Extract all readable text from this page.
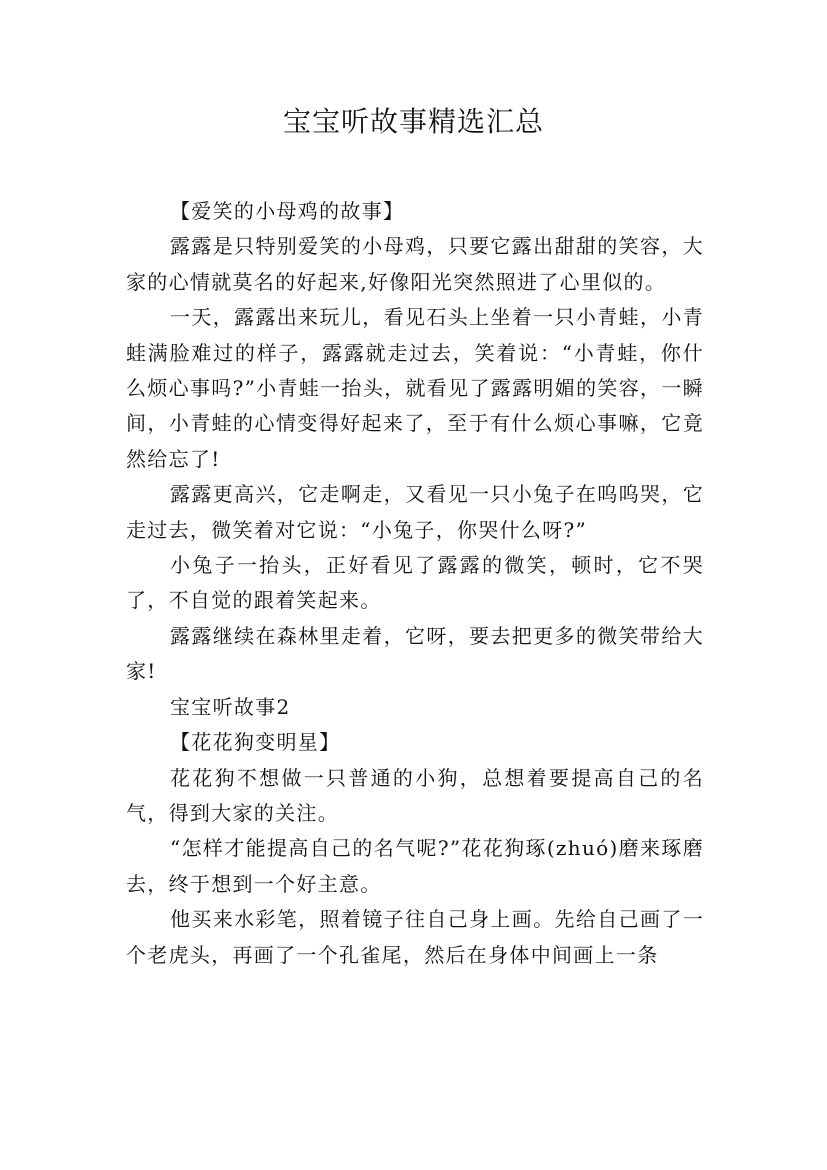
宝宝听故事精选汇总

【爱笑的小母鸡的故事】

露露是只特别爱笑的小母鸡，只要它露出甜甜的笑容，大家的心情就莫名的好起来,好像阳光突然照进了心里似的。

一天，露露出来玩儿，看见石头上坐着一只小青蛙，小青蛙满脸难过的样子，露露就走过去，笑着说：“小青蛙，你什么烦心事吗?”小青蛙一抬头，就看见了露露明媚的笑容，一瞬间，小青蛙的心情变得好起来了，至于有什么烦心事嘛，它竟然给忘了!

露露更高兴，它走啊走，又看见一只小兔子在呜呜哭，它走过去，微笑着对它说：“小兔子，你哭什么呀?”

小兔子一抬头，正好看见了露露的微笑，顿时，它不哭了，不自觉的跟着笑起来。

露露继续在森林里走着，它呀，要去把更多的微笑带给大家!

宝宝听故事2

【花花狗变明星】

花花狗不想做一只普通的小狗，总想着要提高自己的名气，得到大家的关注。

“怎样才能提高自己的名气呢?”花花狗琢(zhuó)磨来琢磨去，终于想到一个好主意。

他买来水彩笔，照着镜子往自己身上画。先给自己画了一个老虎头，再画了一个孔雀尾，然后在身体中间画上一条
